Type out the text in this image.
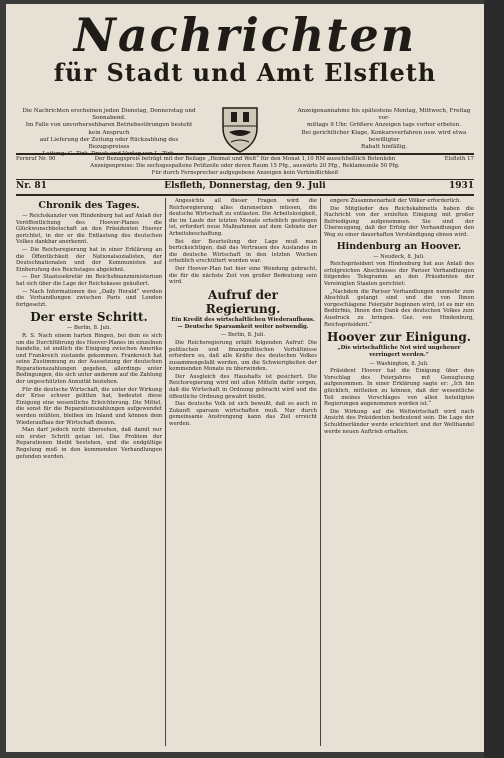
Nachrichten
für Stadt und Amt Elsfleth
Die Nachrichten erscheinen jeden Dienstag, Donnerstag und Sonnabend.
Im Falle von unvorhersehbaren Betriebsstörungen besteht kein Anspruch
auf Lieferung der Zeitung oder Rückzahlung des Bezugspreises
Leitung: G. Zirk. Druck und Verlag von L. Zirk.
Anzeigenannahme bis spätestens Montag, Mittwoch, Freitag vor-
mittags 9 Uhr. Größere Anzeigen tags vorher erbeten.
Bei gerichtlicher Klage, Konkursverfahren usw. wird etwa bewilligter
Rabatt hinfällig.
Fernruf Nr. 90	Der Bezugspreis beträgt mit der Beilage „Heimat und Welt“ für den Monat 1,10 RM ausschließlich Botenlohn
Anzeigenpreise: Die sechsgespaltene Petitzeile oder deren Raum 15 Pfg., auswärts 20 Pfg., Reklamezeile 50 Pfg.
Für durch Fernsprecher aufgegebene Anzeigen kein Verbindlichkeit
Elsfleth 17
Nr. 81	Elsfleth, Donnerstag, den 9. Juli	1931
Chronik des Tages.

— Reichskanzler von Hindenburg hat auf Anlaß der Veröffentlichung des Hoover-Planes die Glückwunschbotschaft an den Präsidenten Hoover gerichtet, in der er die Entlastung des deutschen Volkes dankbar anerkennt.

— Die Reichsregierung hat in einer Erklärung an die Öffentlichkeit der Nationalsozialisten, der Deutschnationalen und der Kommunisten auf Einberufung des Reichstages abgelehnt.

— Der Staatssekretär im Reichsfinanzministerium hat sich über die Lage der Reichskasse geäußert.

— Nach Informationen des „Daily Herald“ werden die Verhandlungen zwischen Paris und London fortgesetzt.

Der erste Schritt.
— Berlin, 8. Juli.

R. S. Nach einem harten Ringen, bei dem es sich um die Durchführung des Hoover-Planes im einzelnen handelte, ist endlich die Einigung zwischen Amerika und Frankreich zustande gekommen. Frankreich hat seine Zustimmung zu der Aussetzung der deutschen Reparationszahlungen gegeben, allerdings unter Bedingungen, die sich unter anderem auf die Zahlung der ungeschützten Annuität beziehen.

Für die deutsche Wirtschaft, die unter der Wirkung der Krise schwer gelitten hat, bedeutet diese Einigung eine wesentliche Erleichterung. Die Mittel, die sonst für die Reparationszahlungen aufgewendet werden müßten, bleiben im Inland und können dem Wiederaufbau der Wirtschaft dienen.

Man darf jedoch nicht übersehen, daß damit nur ein erster Schritt getan ist. Das Problem der Reparationen bleibt bestehen, und die endgültige Regelung muß in den kommenden Verhandlungen gefunden werden.

Angesichts all dieser Fragen wird die Reichsregierung alles daransetzen müssen, die deutsche Wirtschaft zu entlasten. Die Arbeitslosigkeit, die im Laufe der letzten Monate erheblich gestiegen ist, erfordert neue Maßnahmen auf dem Gebiete der Arbeitsbeschaffung.

Bei der Beurteilung der Lage muß man berücksichtigen, daß das Vertrauen des Auslandes in die deutsche Wirtschaft in den letzten Wochen erheblich erschüttert worden war.

Der Hoover-Plan hat hier eine Wendung gebracht, die für die nächste Zeit von großer Bedeutung sein wird.

Aufruf der Regierung.
Ein Kredit des wirtschaftlichen Wiederaufbaus. — Deutsche Sparsamkeit weiter notwendig.
— Berlin, 8. Juli.

Die Reichsregierung erläßt folgenden Aufruf: Die politischen und finanzpolitischen Verhältnisse erfordern es, daß alle Kräfte des deutschen Volkes zusammengefaßt werden, um die Schwierigkeiten der kommenden Monate zu überwinden.

Der Ausgleich des Haushalts ist gesichert. Die Reichsregierung wird mit allen Mitteln dafür sorgen, daß die Wirtschaft in Ordnung gebracht wird und die öffentliche Ordnung gewahrt bleibt.

Das deutsche Volk ist sich bewußt, daß es auch in Zukunft sparsam wirtschaften muß. Nur durch gemeinsame Anstrengung kann das Ziel erreicht werden.

engere Zusammenarbeit der Völker erforderlich.

Die Mitglieder des Reichskabinetts haben die Nachricht von der erzielten Einigung mit großer Befriedigung aufgenommen. Sie sind der Überzeugung, daß der Erfolg der Verhandlungen den Weg zu einer dauerhaften Verständigung ebnen wird.

Hindenburg an Hoover.
— Neudeck, 8. Juli.

Reichspräsident von Hindenburg hat aus Anlaß des erfolgreichen Abschlusses der Pariser Verhandlungen folgendes Telegramm an den Präsidenten der Vereinigten Staaten gerichtet:

„Nachdem die Pariser Verhandlungen nunmehr zum Abschluß gelangt sind und die von Ihnen vorgeschlagene Feierjahr beginnen wird, ist es mir ein Bedürfnis, Ihnen den Dank des deutschen Volkes zum Ausdruck zu bringen. Gez. von Hindenburg, Reichspräsident.“

Hoover zur Einigung.
„Die wirtschaftliche Not wird ungeheuer verringert werden.“
— Washington, 8. Juli.

Präsident Hoover hat die Einigung über den Vorschlag des Feierjahres mit Genugtuung aufgenommen. In einer Erklärung sagte er: „Ich bin glücklich, mitteilen zu können, daß der wesentliche Teil meines Vorschlages von allen beteiligten Regierungen angenommen worden ist.“

Die Wirkung auf die Weltwirtschaft wird nach Ansicht des Präsidenten bedeutend sein. Die Lage der Schuldnerländer werde erleichtert und der Welthandel werde neuen Auftrieb erhalten.
